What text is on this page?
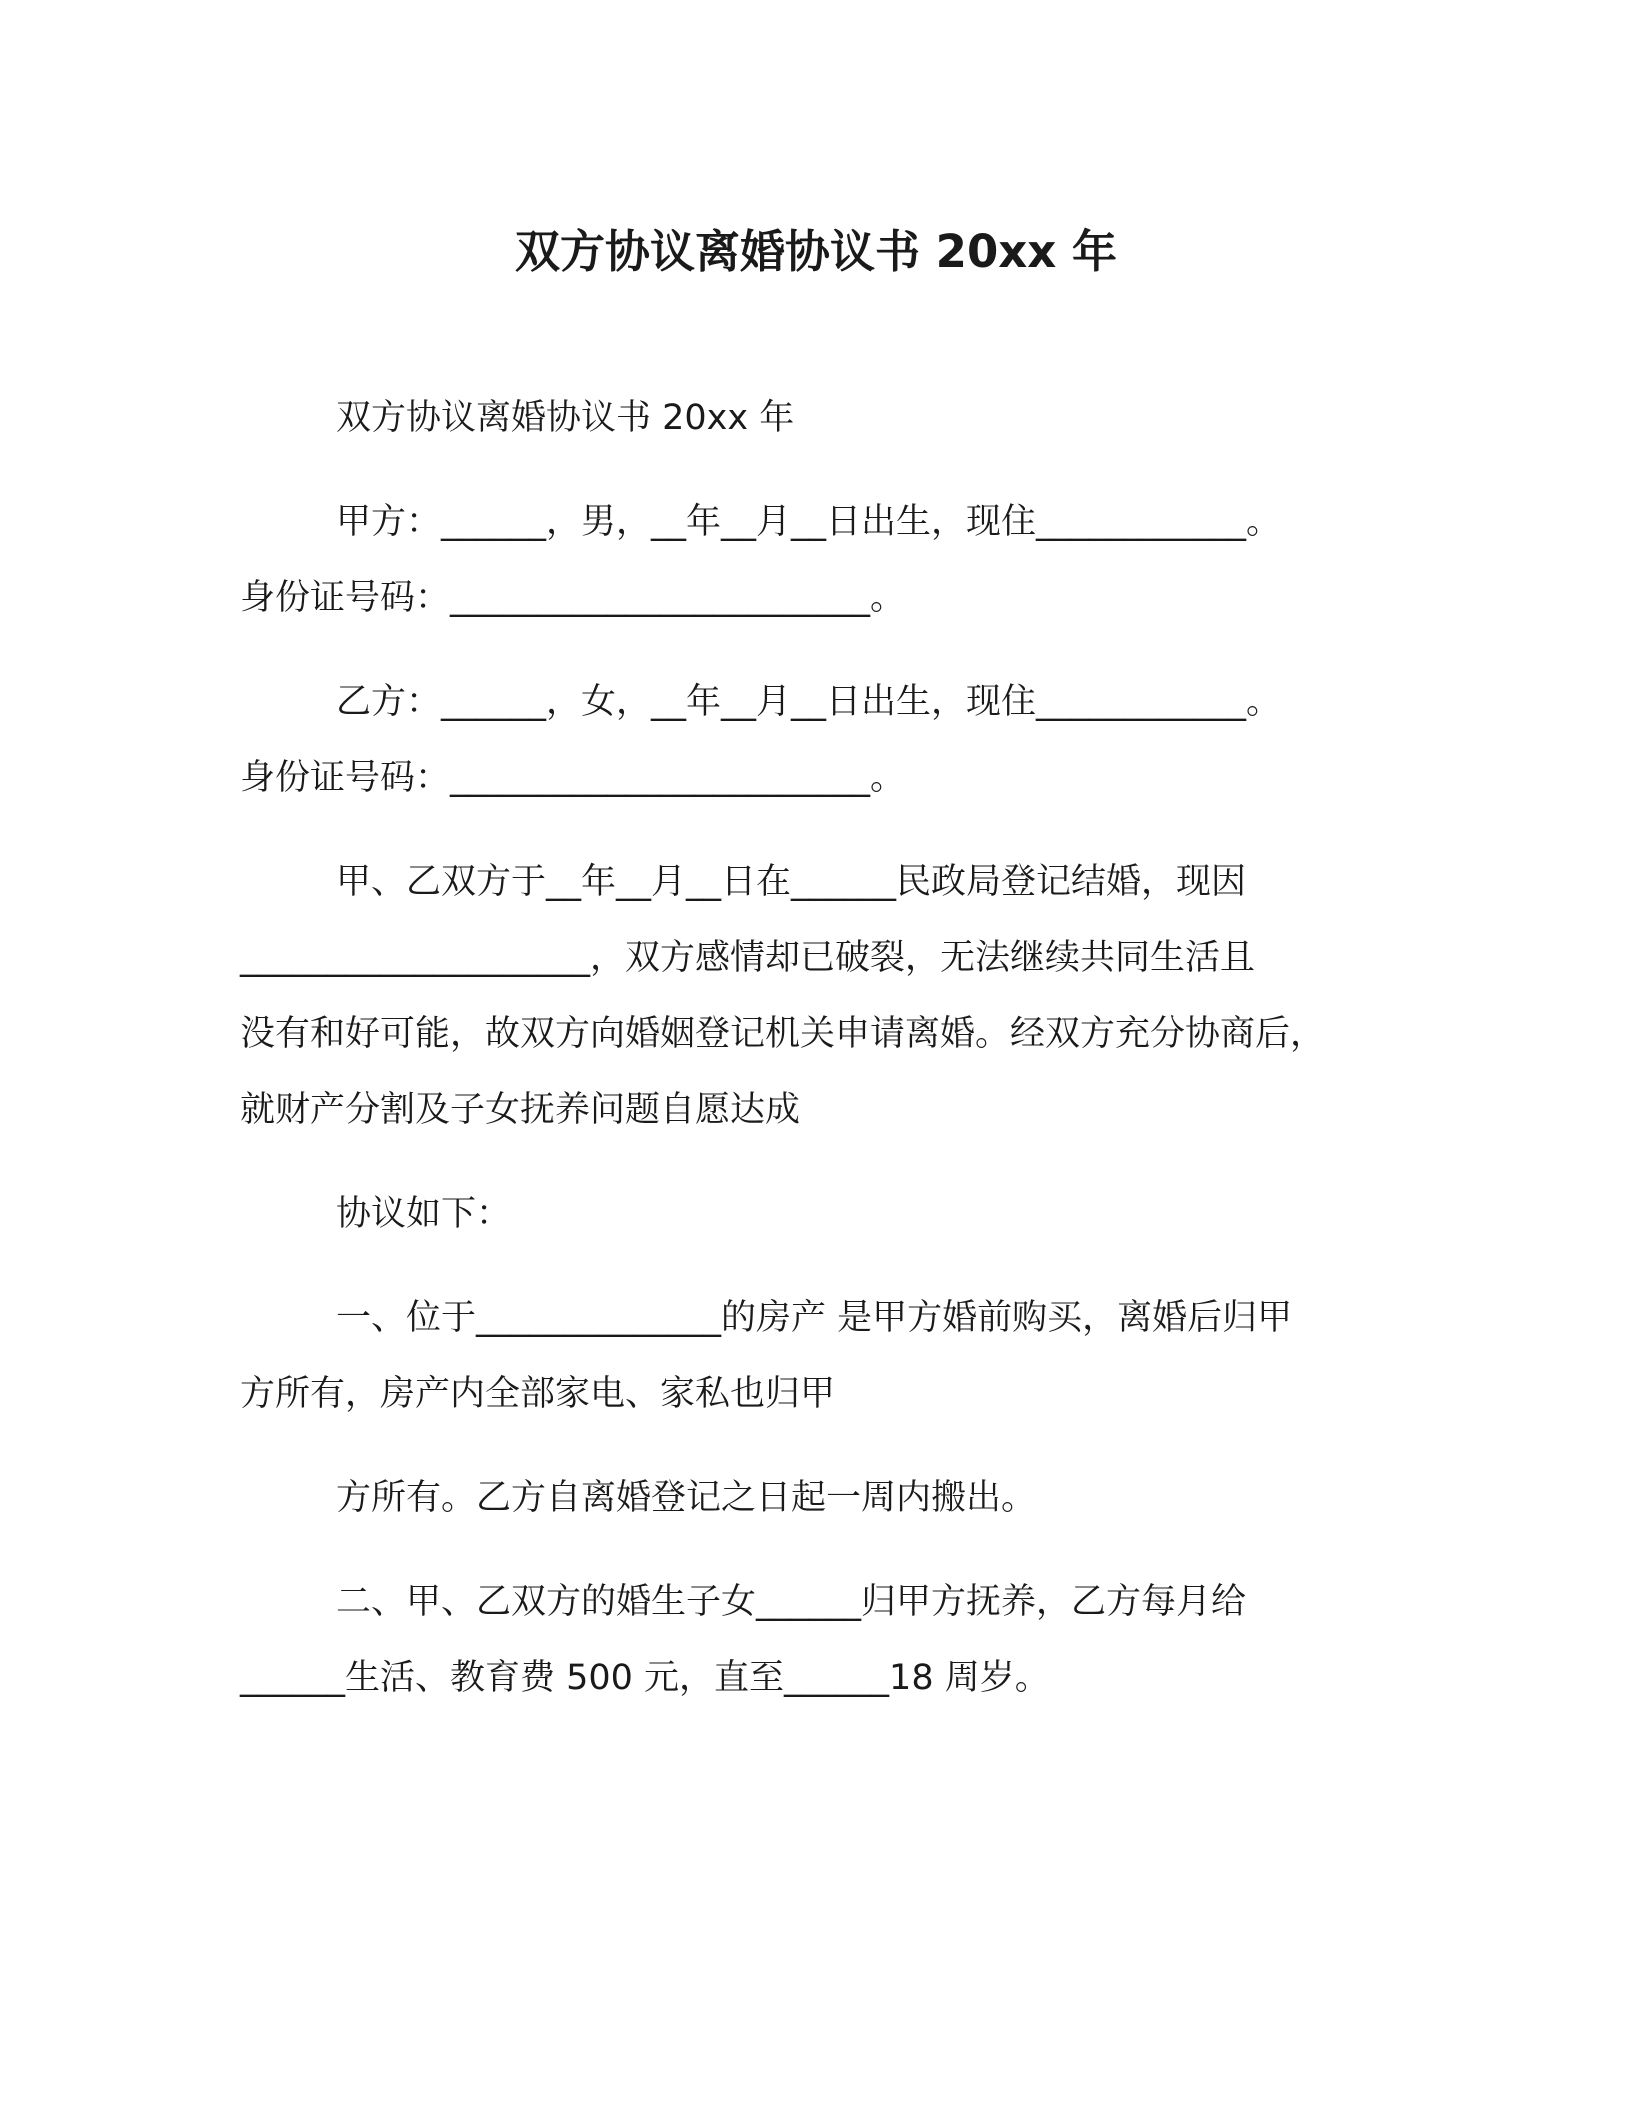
双方协议离婚协议书 20xx 年
双方协议离婚协议书 20xx 年
甲方：______，男，__年__月__日出生，现住____________。
身份证号码：________________________。
乙方：______，女，__年__月__日出生，现住____________。
身份证号码：________________________。
甲、乙双方于__年__月__日在______民政局登记结婚，现因
____________________，双方感情却已破裂，无法继续共同生活且
没有和好可能，故双方向婚姻登记机关申请离婚。经双方充分协商后，
就财产分割及子女抚养问题自愿达成
协议如下：
一、位于______________的房产 是甲方婚前购买，离婚后归甲
方所有，房产内全部家电、家私也归甲
方所有。乙方自离婚登记之日起一周内搬出。
二、甲、乙双方的婚生子女______归甲方抚养，乙方每月给
______生活、教育费 500 元，直至______18 周岁。
